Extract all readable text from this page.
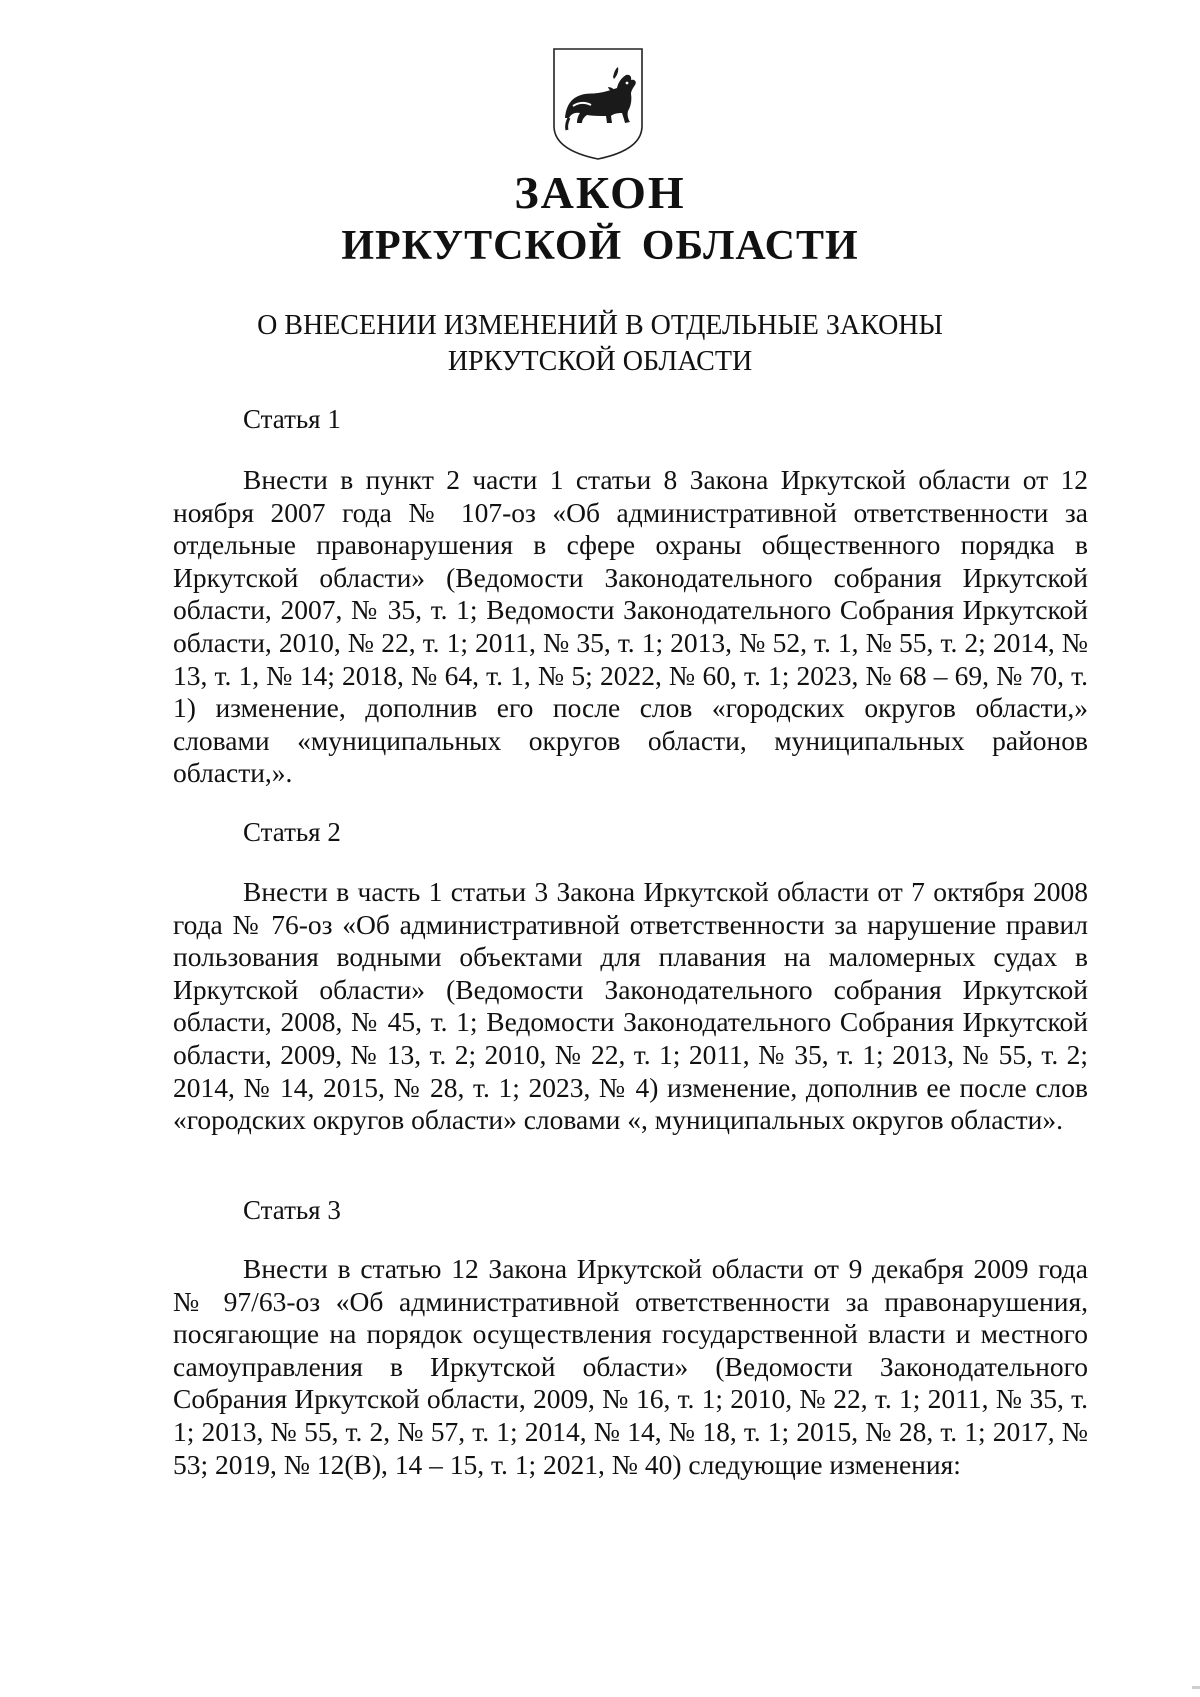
ЗАКОН
ИРКУТСКОЙ ОБЛАСТИ
О ВНЕСЕНИИ ИЗМЕНЕНИЙ В ОТДЕЛЬНЫЕ ЗАКОНЫ
ИРКУТСКОЙ ОБЛАСТИ

Статья 1

Внести в пункт 2 части 1 статьи 8 Закона Иркутской области от 12 ноября 2007 года № 107-оз «Об административной ответственности за отдельные правонарушения в сфере охраны общественного порядка в Иркутской области» (Ведомости Законодательного собрания Иркутской области, 2007, № 35, т. 1; Ведомости Законодательного Собрания Иркутской области, 2010, № 22, т. 1; 2011, № 35, т. 1; 2013, № 52, т. 1, № 55, т. 2; 2014, № 13, т. 1, № 14; 2018, № 64, т. 1, № 5; 2022, № 60, т. 1; 2023, № 68 – 69, № 70, т. 1) изменение, дополнив его после слов «городских округов области,» словами «муниципальных округов области, муниципальных районов области,».

Статья 2

Внести в часть 1 статьи 3 Закона Иркутской области от 7 октября 2008 года № 76-оз «Об административной ответственности за нарушение правил пользования водными объектами для плавания на маломерных судах в Иркутской области» (Ведомости Законодательного собрания Иркутской области, 2008, № 45, т. 1; Ведомости Законодательного Собрания Иркутской области, 2009, № 13, т. 2; 2010, № 22, т. 1; 2011, № 35, т. 1; 2013, № 55, т. 2; 2014, № 14, 2015, № 28, т. 1; 2023, № 4) изменение, дополнив ее после слов «городских округов области» словами «, муниципальных округов области».

Статья 3

Внести в статью 12 Закона Иркутской области от 9 декабря 2009 года № 97/63-оз «Об административной ответственности за правонарушения, посягающие на порядок осуществления государственной власти и местного самоуправления в Иркутской области» (Ведомости Законодательного Собрания Иркутской области, 2009, № 16, т. 1; 2010, № 22, т. 1; 2011, № 35, т. 1; 2013, № 55, т. 2, № 57, т. 1; 2014, № 14, № 18, т. 1; 2015, № 28, т. 1; 2017, № 53; 2019, № 12(В), 14 – 15, т. 1; 2021, № 40) следующие изменения:
